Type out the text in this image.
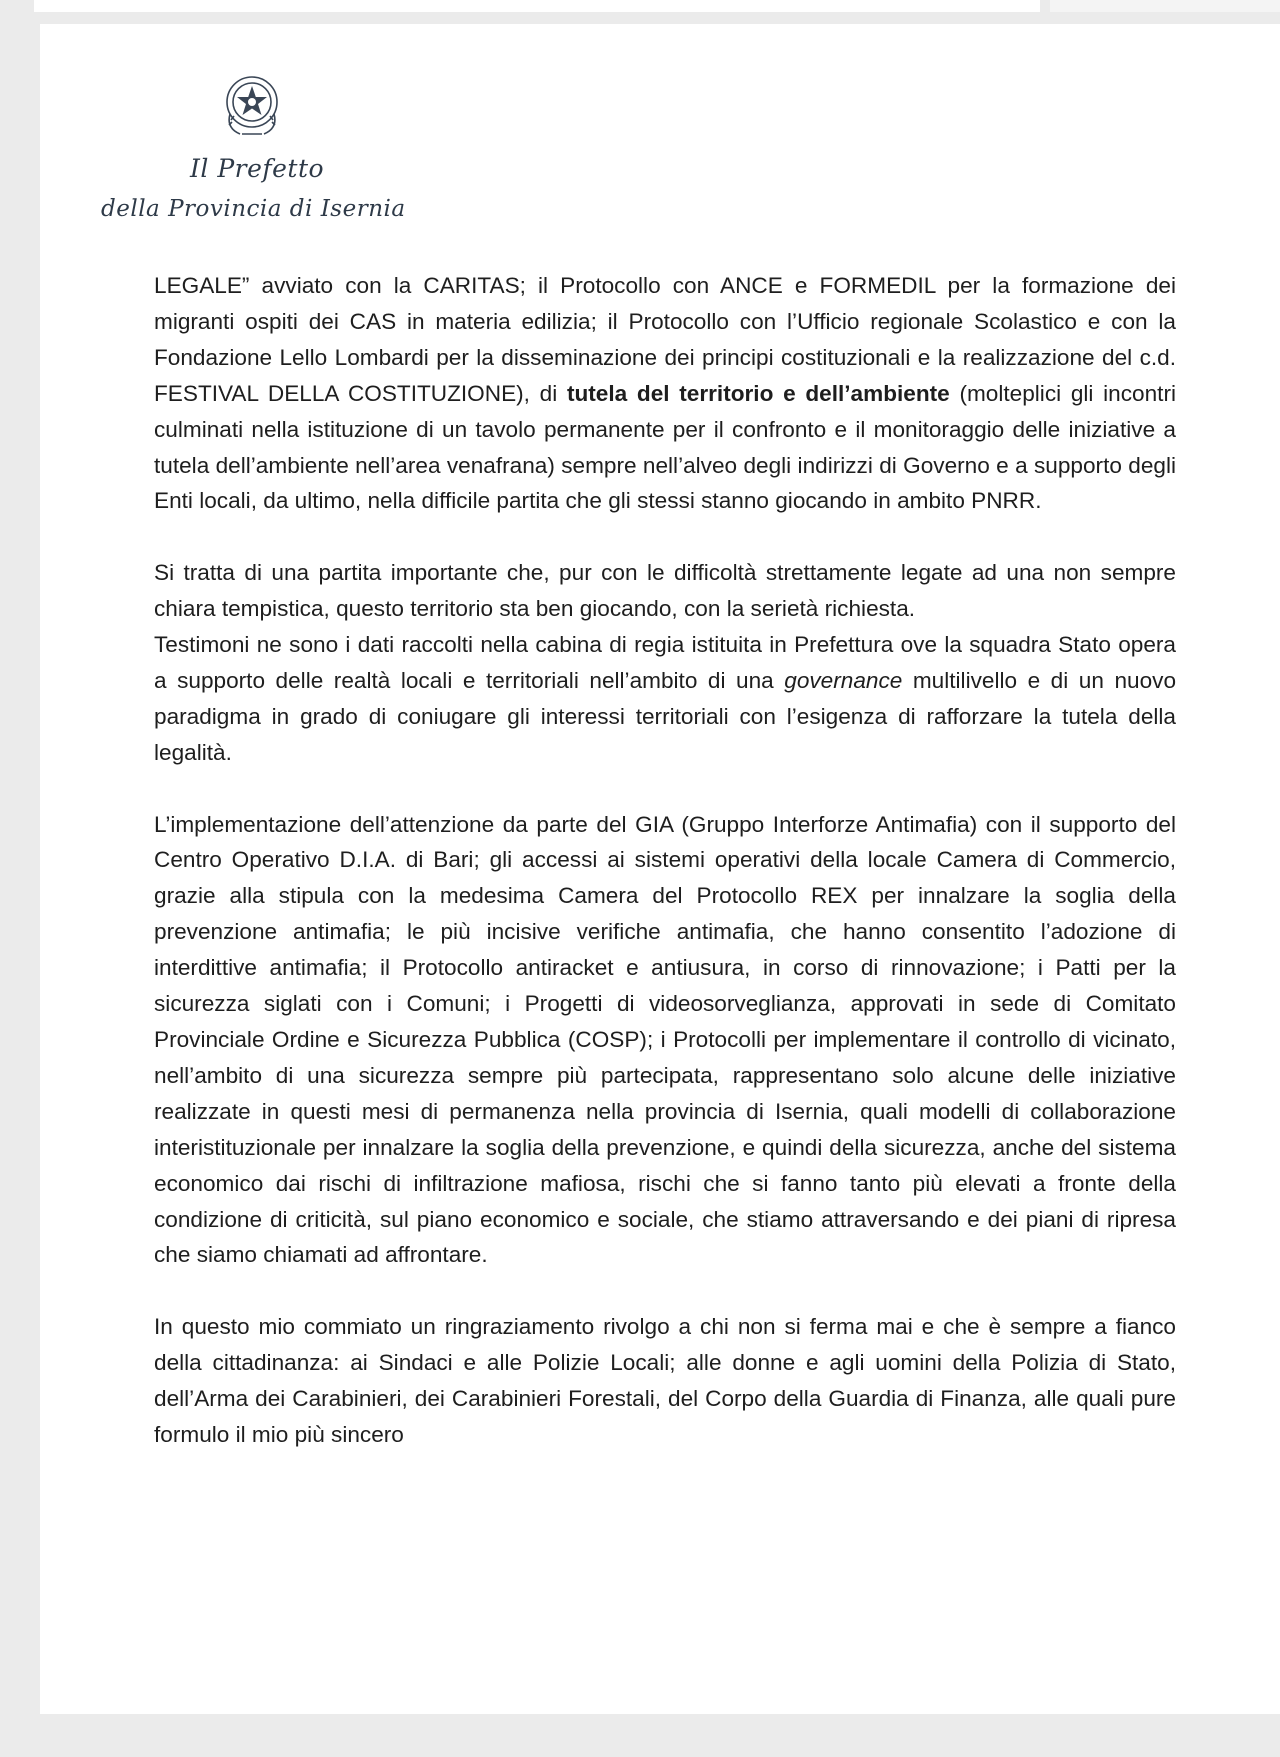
Il Prefetto
della Provincia di Isernia

LEGALE” avviato con la CARITAS; il Protocollo con ANCE e FORMEDIL per la formazione dei migranti ospiti dei CAS in materia edilizia; il Protocollo con l’Ufficio regionale Scolastico e con la Fondazione Lello Lombardi per la disseminazione dei principi costituzionali e la realizzazione del c.d. FESTIVAL DELLA COSTITUZIONE), di tutela del territorio e dell’ambiente (molteplici gli incontri culminati nella istituzione di un tavolo permanente per il confronto e il monitoraggio delle iniziative a tutela dell’ambiente nell’area venafrana) sempre nell’alveo degli indirizzi di Governo e a supporto degli Enti locali, da ultimo, nella difficile partita che gli stessi stanno giocando in ambito PNRR.

Si tratta di una partita importante che, pur con le difficoltà strettamente legate ad una non sempre chiara tempistica, questo territorio sta ben giocando, con la serietà richiesta.

Testimoni ne sono i dati raccolti nella cabina di regia istituita in Prefettura ove la squadra Stato opera a supporto delle realtà locali e territoriali nell’ambito di una governance multilivello e di un nuovo paradigma in grado di coniugare gli interessi territoriali con l’esigenza di rafforzare la tutela della legalità.

L’implementazione dell’attenzione da parte del GIA (Gruppo Interforze Antimafia) con il supporto del Centro Operativo D.I.A. di Bari; gli accessi ai sistemi operativi della locale Camera di Commercio, grazie alla stipula con la medesima Camera del Protocollo REX per innalzare la soglia della prevenzione antimafia; le più incisive verifiche antimafia, che hanno consentito l’adozione di interdittive antimafia; il Protocollo antiracket e antiusura, in corso di rinnovazione; i Patti per la sicurezza siglati con i Comuni; i Progetti di videosorveglianza, approvati in sede di Comitato Provinciale Ordine e Sicurezza Pubblica (COSP); i Protocolli per implementare il controllo di vicinato, nell’ambito di una sicurezza sempre più partecipata, rappresentano solo alcune delle iniziative realizzate in questi mesi di permanenza nella provincia di Isernia, quali modelli di collaborazione interistituzionale per innalzare la soglia della prevenzione, e quindi della sicurezza, anche del sistema economico dai rischi di infiltrazione mafiosa, rischi che si fanno tanto più elevati a fronte della condizione di criticità, sul piano economico e sociale, che stiamo attraversando e dei piani di ripresa che siamo chiamati ad affrontare.

In questo mio commiato un ringraziamento rivolgo a chi non si ferma mai e che è sempre a fianco della cittadinanza: ai Sindaci e alle Polizie Locali; alle donne e agli uomini della Polizia di Stato, dell’Arma dei Carabinieri, dei Carabinieri Forestali, del Corpo della Guardia di Finanza, alle quali pure formulo il mio più sincero
